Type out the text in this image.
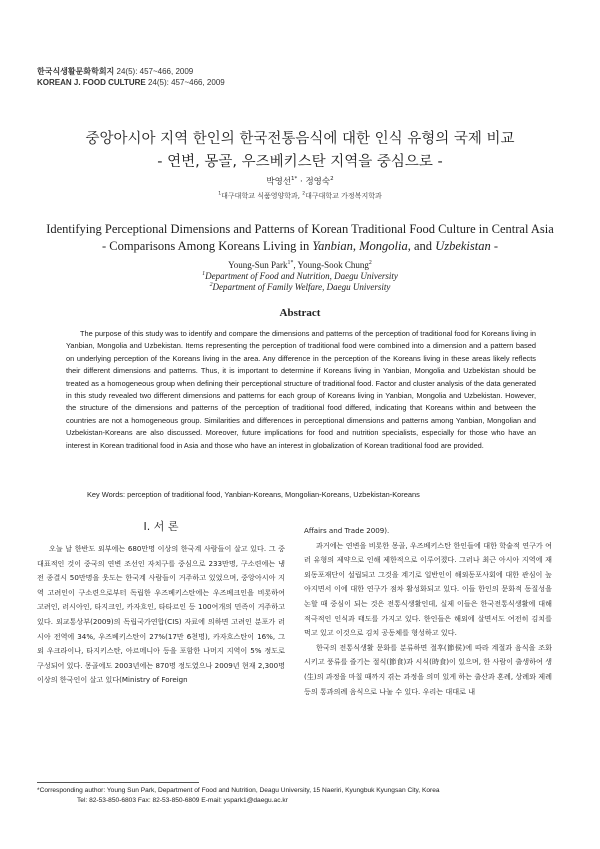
한국식생활문화학회지 24(5): 457~466, 2009
KOREAN J. FOOD CULTURE 24(5): 457~466, 2009
중앙아시아 지역 한인의 한국전통음식에 대한 인식 유형의 국제 비교
- 연변, 몽골, 우즈베키스탄 지역을 중심으로 -
박영선$^{1*}$ · 정영숙$^2$
$^1$대구대학교 식품영양학과, $^2$대구대학교 가정복지학과
Identifying Perceptional Dimensions and Patterns of Korean Traditional Food Culture in Central Asia
- Comparisons Among Koreans Living in Yanbian, Mongolia, and Uzbekistan -
Young-Sun Park$^{1*}$, Young-Sook Chung$^2$
$^1$Department of Food and Nutrition, Daegu University
$^2$Department of Family Welfare, Daegu University
Abstract

The purpose of this study was to identify and compare the dimensions and patterns of the perception of traditional food for Koreans living in Yanbian, Mongolia and Uzbekistan. Items representing the perception of traditional food were combined into a dimension and a pattern based on underlying perception of the Koreans living in the area. Any difference in the perception of the Koreans living in these areas likely reflects their different dimensions and patterns. Thus, it is important to determine if Koreans living in Yanbian, Mongolia and Uzbekistan should be treated as a homogeneous group when defining their perceptional structure of traditional food. Factor and cluster analysis of the data generated in this study revealed two different dimensions and patterns for each group of Koreans living in Yanbian, Mongolia and Uzbekistan. However, the structure of the dimensions and patterns of the perception of traditional food differed, indicating that Koreans within and between the countries are not a homogeneous group. Similarities and differences in perceptional dimensions and patterns among Yanbian, Mongolian and Uzbekistan-Koreans are also discussed. Moreover, future implications for food and nutrition specialists, especially for those who have an interest in Korean traditional food in Asia and those who have an interest in globalization of Korean traditional food are provided.

Key Words: perception of traditional food, Yanbian-Koreans, Mongolian-Koreans, Uzbekistan-Koreans
I. 서 론

오늘 날 한반도 외부에는 680만명 이상의 한국계 사람들이 살고 있다. 그 중 대표적인 것이 중국의 연변 조선인 자치구를 중심으로 233만명, 구소련에는 냉전 종결시 50만명을 웃도는 한국계 사람들이 거주하고 있었으며, 중앙아시아 지역 고려인이 구소련으로부터 독립한 우즈베키스탄에는 우즈베크인을 비롯하여 고려인, 러시아인, 타지크인, 카자흐인, 타타르인 등 100여개의 민족이 거주하고 있다. 외교통상부(2009)의 독립국가연합(CIS) 자료에 의하면 고려인 분포가 러시아 전역에 34%, 우즈베키스탄이 27%(17만 6천명), 카자흐스탄이 16%, 그 외 우크라이나, 타지키스탄, 아르메니아 등을 포함한 나머지 지역이 5% 정도로 구성되어 있다. 몽골에도 2003년에는 870명 정도였으나 2009년 현재 2,300명 이상의 한국인이 살고 있다(Ministry of Foreign

Affairs and Trade 2009).

과거에는 연변을 비롯한 몽골, 우즈베키스탄 한인들에 대한 학술적 연구가 여러 유형의 제약으로 인해 제한적으로 이루어졌다. 그러나 최근 아시아 지역에 재외동포재단이 설립되고 그것을 계기로 일반인이 해외동포사회에 대한 관심이 높아지면서 이에 대한 연구가 점차 활성화되고 있다. 이들 한인의 문화적 동질성을 논할 때 중심이 되는 것은 전통식생활인데, 실제 이들은 한국전통식생활에 대해 적극적인 인식과 태도를 가지고 있다. 한인들은 해외에 살면서도 여전히 김치를 먹고 있고 이것으로 김치 공동체를 형성하고 있다.

한국의 전통식생활 문화를 분류하면 절후(節侯)에 따라 계절과 음식을 조화시키고 풍류를 즐기는 절식(節食)과 시식(時食)이 있으며, 한 사람이 출생하여 생(生)의 과정을 마칠 때까지 겪는 과정을 의미 있게 하는 출산과 혼례, 상례와 제례 등의 통과의례 음식으로 나눌 수 있다. 우리는 대대로 내

*Corresponding author: Young Sun Park, Department of Food and Nutrition, Deagu University, 15 Naeriri, Kyungbuk Kyungsan City, Korea
Tel: 82-53-850-6803 Fax: 82-53-850-6809 E-mail: yspark1@daegu.ac.kr
